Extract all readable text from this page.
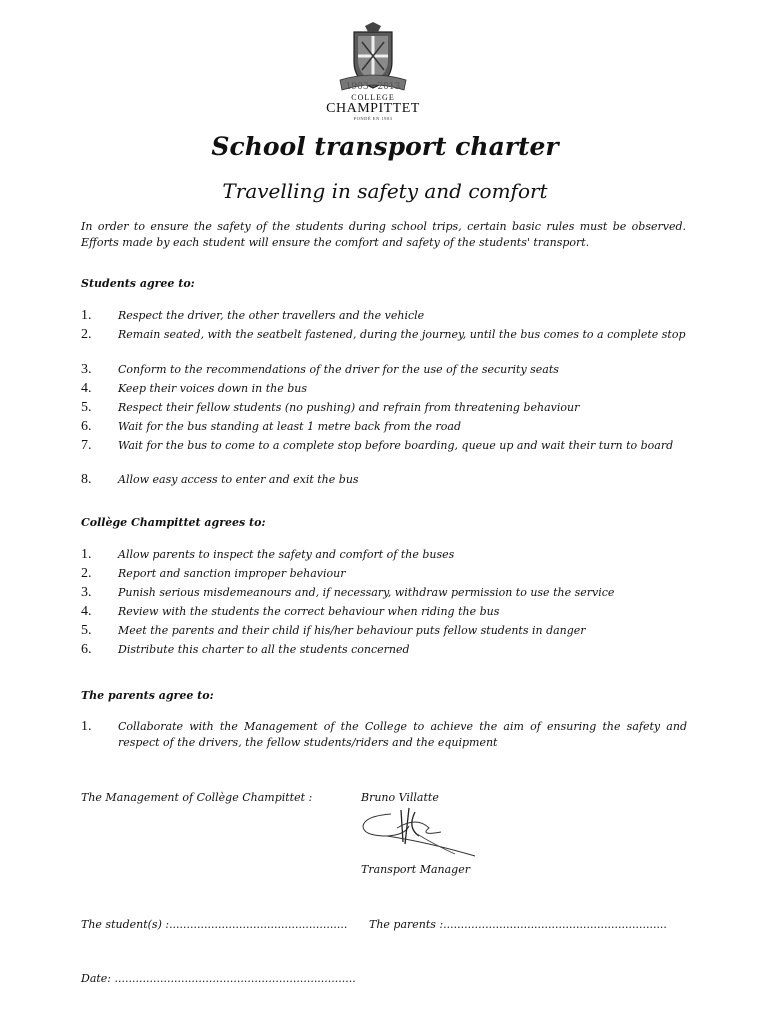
1903 - 2013
COLLEGE
CHAMPITTET
FONDÉ EN 1903
School transport charter
Travelling in safety and comfort
In order to ensure the safety of the students during school trips, certain basic rules must be observed. Efforts made by each student will ensure the comfort and safety of the students' transport.
Students agree to:
1.	Respect the driver, the other travellers and the vehicle
2.	Remain seated, with the seatbelt fastened, during the journey, until the bus comes to a complete stop
3.	Conform to the recommendations of the driver for the use of the security seats
4.	Keep their voices down in the bus
5.	Respect their fellow students (no pushing) and refrain from threatening behaviour
6.	Wait for the bus standing at least 1 metre back from the road
7.	Wait for the bus to come to a complete stop before boarding, queue up and wait their turn to board
8.	Allow easy access to enter and exit the bus
Collège Champittet agrees to:
1.	Allow parents to inspect the safety and comfort of the buses
2.	Report and sanction improper behaviour
3.	Punish serious misdemeanours and, if necessary, withdraw permission to use the service
4.	Review with the students the correct behaviour when riding the bus
5.	Meet the parents and their child if his/her behaviour puts fellow students in danger
6.	Distribute this charter to all the students concerned
The parents agree to:
1.	Collaborate with the Management of the College to achieve the aim of ensuring the safety and respect of the drivers, the fellow students/riders and the equipment
The Management of Collège Champittet :	Bruno Villatte
Transport Manager
The student(s) :................................................... The parents :................................................................
Date: .....................................................................
